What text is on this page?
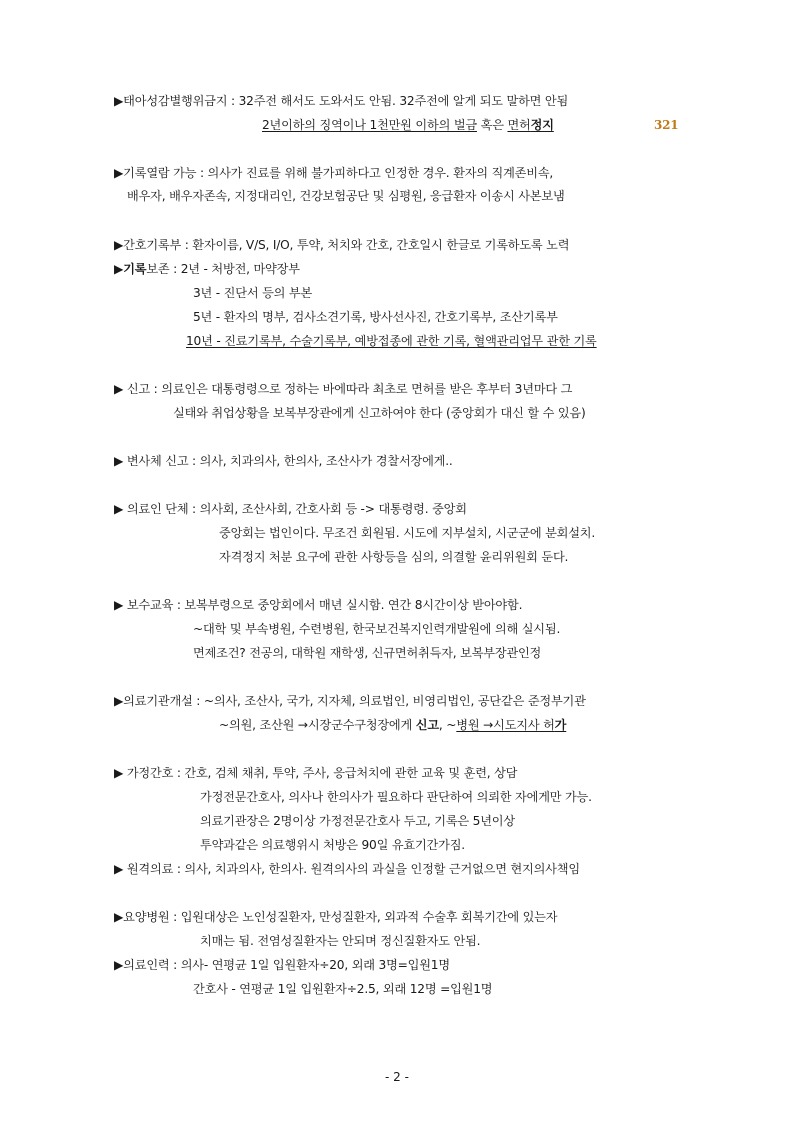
▶태아성감별행위금지 : 32주전 해서도 도와서도 안됨. 32주전에 알게 되도 말하면 안됨
2년이하의 징역이나 1천만원 이하의 벌금 혹은 면허정지	321
▶기록열람 가능 : 의사가 진료를 위해 불가피하다고 인정한 경우. 환자의 직계존비속,
배우자, 배우자존속, 지정대리인, 건강보험공단 및 심평원, 응급환자 이송시 사본보냄
▶간호기록부 : 환자이름, V/S, I/O, 투약, 처치와 간호, 간호일시 한글로 기록하도록 노력
▶기록보존 : 2년 - 처방전, 마약장부
3년 - 진단서 등의 부본
5년 - 환자의 명부, 검사소견기록, 방사선사진, 간호기록부, 조산기록부
10년 - 진료기록부, 수술기록부, 예방접종에 관한 기록, 혈액관리업무 관한 기록
▶ 신고 : 의료인은 대통령령으로 정하는 바에따라 최초로 면허를 받은 후부터 3년마다 그
실태와 취업상황을 보복부장관에게 신고하여야 한다 (중앙회가 대신 할 수 있음)
▶ 변사체 신고 : 의사, 치과의사, 한의사, 조산사가 경찰서장에게..
▶ 의료인 단체 : 의사회, 조산사회, 간호사회 등 -> 대통령령. 중앙회
중앙회는 법인이다. 무조건 회원됨. 시도에 지부설치, 시군군에 분회설치.
자격정지 처분 요구에 관한 사항등을 심의, 의결할 윤리위원회 둔다.
▶ 보수교육 : 보복부령으로 중앙회에서 매년 실시함. 연간 8시간이상 받아야함.
~대학 및 부속병원, 수련병원, 한국보건복지인력개발원에 의해 실시됨.
면제조건? 전공의, 대학원 재학생, 신규면허취득자, 보복부장관인정
▶의료기관개설 : ~의사, 조산사, 국가, 지자체, 의료법인, 비영리법인, 공단같은 준정부기관
~의원, 조산원 →시장군수구청장에게 신고, ~병원 →시도지사 허가
▶ 가정간호 : 간호, 검체 채취, 투약, 주사, 응급처치에 관한 교육 및 훈련, 상담
가정전문간호사, 의사나 한의사가 필요하다 판단하여 의뢰한 자에게만 가능.
의료기관장은 2명이상 가정전문간호사 두고, 기록은 5년이상
투약과같은 의료행위시 처방은 90일 유효기간가짐.
▶ 원격의료 : 의사, 치과의사, 한의사. 원격의사의 과실을 인정할 근거없으면 현지의사책임
▶요양병원 : 입원대상은 노인성질환자, 만성질환자, 외과적 수술후 회복기간에 있는자
치매는 됨. 전염성질환자는 안되며 정신질환자도 안됨.
▶의료인력 : 의사- 연평균 1일 입원환자÷20, 외래 3명=입원1명
간호사 - 연평균 1일 입원환자÷2.5, 외래 12명 =입원1명
- 2 -
